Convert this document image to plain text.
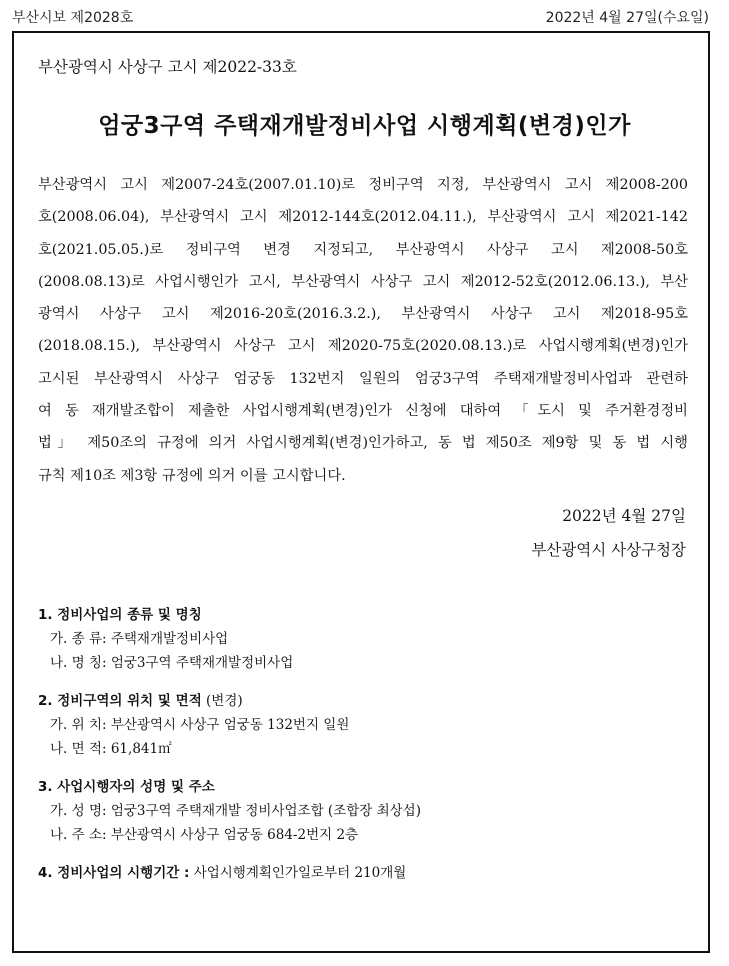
부산시보 제2028호	2022년 4월 27일(수요일)
부산광역시 사상구 고시 제2022-33호
엄궁3구역 주택재개발정비사업 시행계획(변경)인가
부산광역시 고시 제2007-24호(2007.01.10)로 정비구역 지정, 부산광역시 고시 제2008-200
호(2008.06.04), 부산광역시 고시 제2012-144호(2012.04.11.), 부산광역시 고시 제2021-142
호(2021.05.05.)로 정비구역 변경 지정되고, 부산광역시 사상구 고시 제2008-50호
(2008.08.13)로 사업시행인가 고시, 부산광역시 사상구 고시 제2012-52호(2012.06.13.), 부산
광역시 사상구 고시 제2016-20호(2016.3.2.), 부산광역시 사상구 고시 제2018-95호
(2018.08.15.), 부산광역시 사상구 고시 제2020-75호(2020.08.13.)로 사업시행계획(변경)인가
고시된 부산광역시 사상구 엄궁동 132번지 일원의 엄궁3구역 주택재개발정비사업과 관련하
여 동 재개발조합이 제출한 사업시행계획(변경)인가 신청에 대하여 「도시 및 주거환경정비
법」 제50조의 규정에 의거 사업시행계획(변경)인가하고, 동 법 제50조 제9항 및 동 법 시행
규칙 제10조 제3항 규정에 의거 이를 고시합니다.
2022년 4월 27일
부산광역시 사상구청장
1. 정비사업의 종류 및 명칭
가. 종 류: 주택재개발정비사업
나. 명 칭: 엄궁3구역 주택재개발정비사업
2. 정비구역의 위치 및 면적 (변경)
가. 위 치: 부산광역시 사상구 엄궁동 132번지 일원
나. 면 적: 61,841㎡
3. 사업시행자의 성명 및 주소
가. 성 명: 엄궁3구역 주택재개발 정비사업조합 (조합장 최상섭)
나. 주 소: 부산광역시 사상구 엄궁동 684-2번지 2층
4. 정비사업의 시행기간 : 사업시행계획인가일로부터 210개월
